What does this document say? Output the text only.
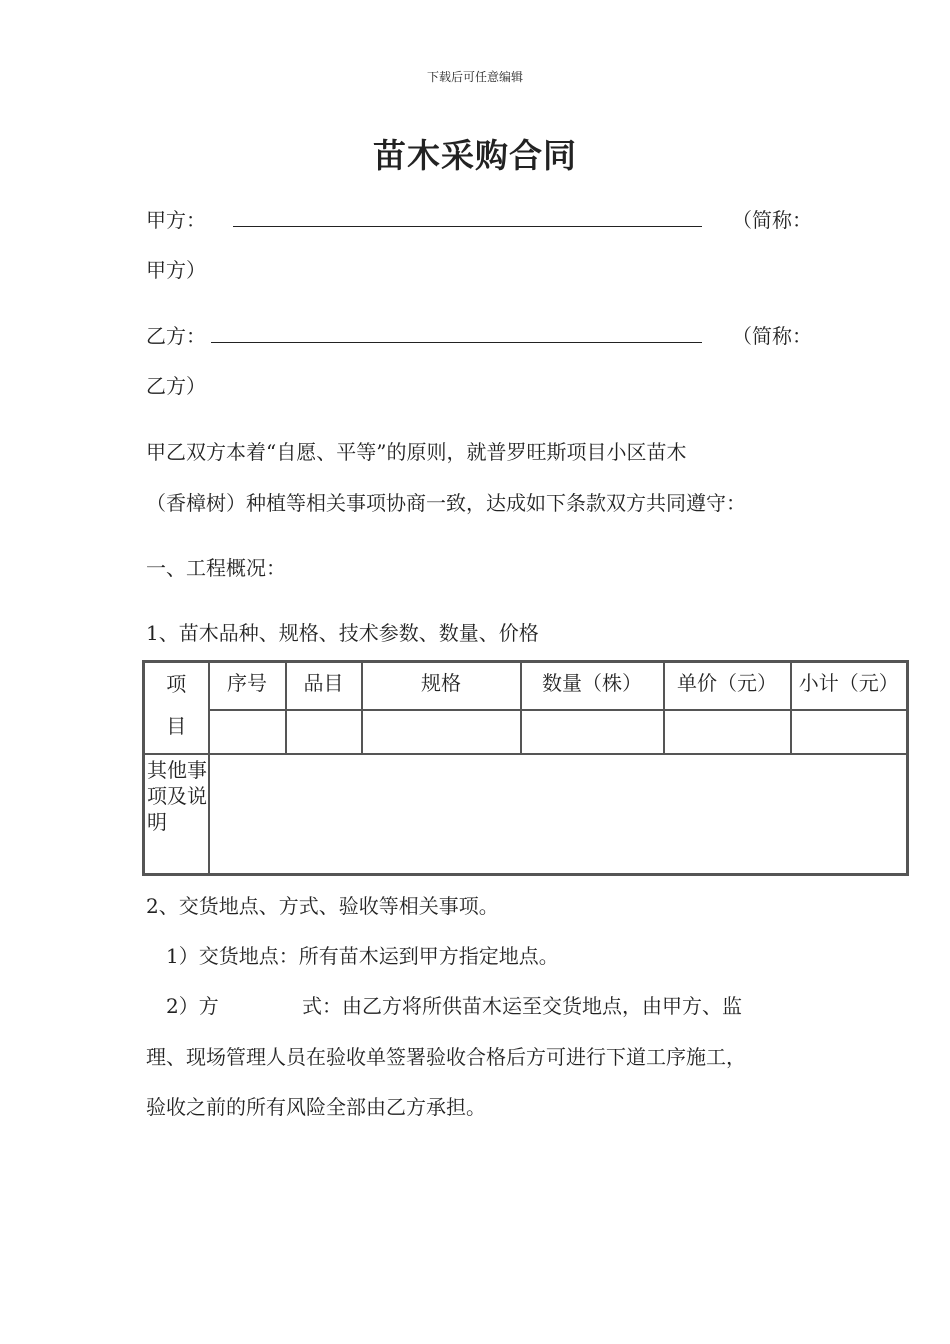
下载后可任意编辑
苗木采购合同
甲方：	（简称：
甲方）
乙方：	（简称：
乙方）
甲乙双方本着“自愿、平等”的原则，就普罗旺斯项目小区苗木
（香樟树）种植等相关事项协商一致，达成如下条款双方共同遵守：
一、工程概况：
1、苗木品种、规格、技术参数、数量、价格
项目	序号	品目	规格	数量（株）	单价（元）	小计（元）

其他事项及说明						
2、交货地点、方式、验收等相关事项。
1）交货地点：所有苗木运到甲方指定地点。
2）方	式：由乙方将所供苗木运至交货地点，由甲方、监
理、现场管理人员在验收单签署验收合格后方可进行下道工序施工，
验收之前的所有风险全部由乙方承担。
